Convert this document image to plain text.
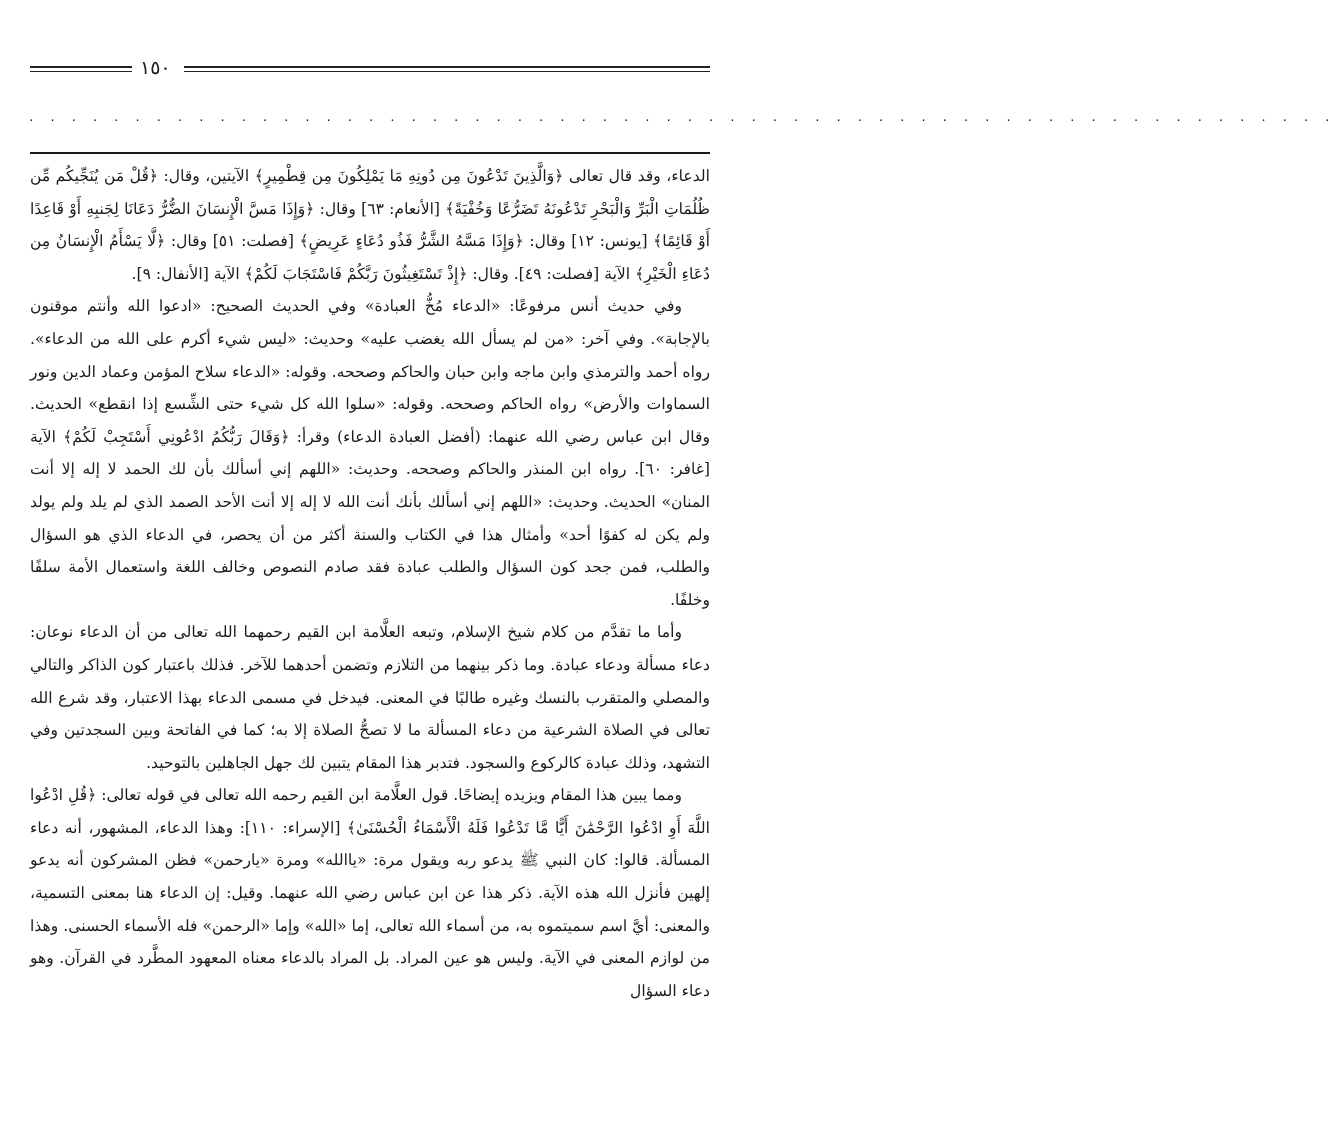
١٥٠
. . . . . . . . . . . . . . . . . . . . . . . . . . . . . . . . . . . . . . . . . . . . . . . . . . . . . . . . . . . . . .

الدعاء، وقد قال تعالى ﴿وَالَّذِينَ تَدْعُونَ مِن دُونِهِ مَا يَمْلِكُونَ مِن قِطْمِيرٍ﴾ الآيتين، وقال: ﴿قُلْ مَن يُنَجِّيكُم مِّن ظُلُمَاتِ الْبَرِّ وَالْبَحْرِ تَدْعُونَهُ تَضَرُّعًا وَخُفْيَةً﴾ [الأنعام: ٦٣] وقال: ﴿وَإِذَا مَسَّ الْإِنسَانَ الضُّرُّ دَعَانَا لِجَنبِهِ أَوْ قَاعِدًا أَوْ قَائِمًا﴾ [يونس: ١٢] وقال: ﴿وَإِذَا مَسَّهُ الشَّرُّ فَذُو دُعَاءٍ عَرِيضٍ﴾ [فصلت: ٥١] وقال: ﴿لَّا يَسْأَمُ الْإِنسَانُ مِن دُعَاءِ الْخَيْرِ﴾ الآية [فصلت: ٤٩]. وقال: ﴿إِذْ تَسْتَغِيثُونَ رَبَّكُمْ فَاسْتَجَابَ لَكُمْ﴾ الآية [الأنفال: ٩].

وفي حديث أنس مرفوعًا: «الدعاء مُخُّ العبادة» وفي الحديث الصحيح: «ادعوا الله وأنتم موقنون بالإجابة». وفي آخر: «من لم يسأل الله يغضب عليه» وحديث: «ليس شيء أكرم على الله من الدعاء». رواه أحمد والترمذي وابن ماجه وابن حبان والحاكم وصححه. وقوله: «الدعاء سلاح المؤمن وعماد الدين ونور السماوات والأرض» رواه الحاكم وصححه. وقوله: «سلوا الله كل شيء حتى الشِّسع إذا انقطع» الحديث. وقال ابن عباس رضي الله عنهما: (أفضل العبادة الدعاء) وقرأ: ﴿وَقَالَ رَبُّكُمُ ادْعُونِي أَسْتَجِبْ لَكُمْ﴾ الآية [غافر: ٦٠]. رواه ابن المنذر والحاكم وصححه. وحديث: «اللهم إني أسألك بأن لك الحمد لا إله إلا أنت المنان» الحديث. وحديث: «اللهم إني أسألك بأنك أنت الله لا إله إلا أنت الأحد الصمد الذي لم يلد ولم يولد ولم يكن له كفوًا أحد» وأمثال هذا في الكتاب والسنة أكثر من أن يحصر، في الدعاء الذي هو السؤال والطلب، فمن جحد كون السؤال والطلب عبادة فقد صادم النصوص وخالف اللغة واستعمال الأمة سلفًا وخلفًا.

وأما ما تقدَّم من كلام شيخ الإسلام، وتبعه العلَّامة ابن القيم رحمهما الله تعالى من أن الدعاء نوعان: دعاء مسألة ودعاء عبادة. وما ذكر بينهما من التلازم وتضمن أحدهما للآخر. فذلك باعتبار كون الذاكر والتالي والمصلي والمتقرب بالنسك وغيره طالبًا في المعنى. فيدخل في مسمى الدعاء بهذا الاعتبار، وقد شرع الله تعالى في الصلاة الشرعية من دعاء المسألة ما لا تصحُّ الصلاة إلا به؛ كما في الفاتحة وبين السجدتين وفي التشهد، وذلك عبادة كالركوع والسجود. فتدبر هذا المقام يتبين لك جهل الجاهلين بالتوحيد.

ومما يبين هذا المقام ويزيده إيضاحًا. قول العلَّامة ابن القيم رحمه الله تعالى في قوله تعالى: ﴿قُلِ ادْعُوا اللَّهَ أَوِ ادْعُوا الرَّحْمَٰنَ أَيًّا مَّا تَدْعُوا فَلَهُ الْأَسْمَاءُ الْحُسْنَىٰ﴾ [الإسراء: ١١٠]: وهذا الدعاء، المشهور، أنه دعاء المسألة. قالوا: كان النبي ﷺ يدعو ربه ويقول مرة: «ياالله» ومرة «يارحمن» فظن المشركون أنه يدعو إلهين فأنزل الله هذه الآية. ذكر هذا عن ابن عباس رضي الله عنهما. وقيل: إن الدعاء هنا بمعنى التسمية، والمعنى: أيَّ اسم سميتموه به، من أسماء الله تعالى، إما «الله» وإما «الرحمن» فله الأسماء الحسنى. وهذا من لوازم المعنى في الآية. وليس هو عين المراد. بل المراد بالدعاء معناه المعهود المطَّرد في القرآن. وهو دعاء السؤال
